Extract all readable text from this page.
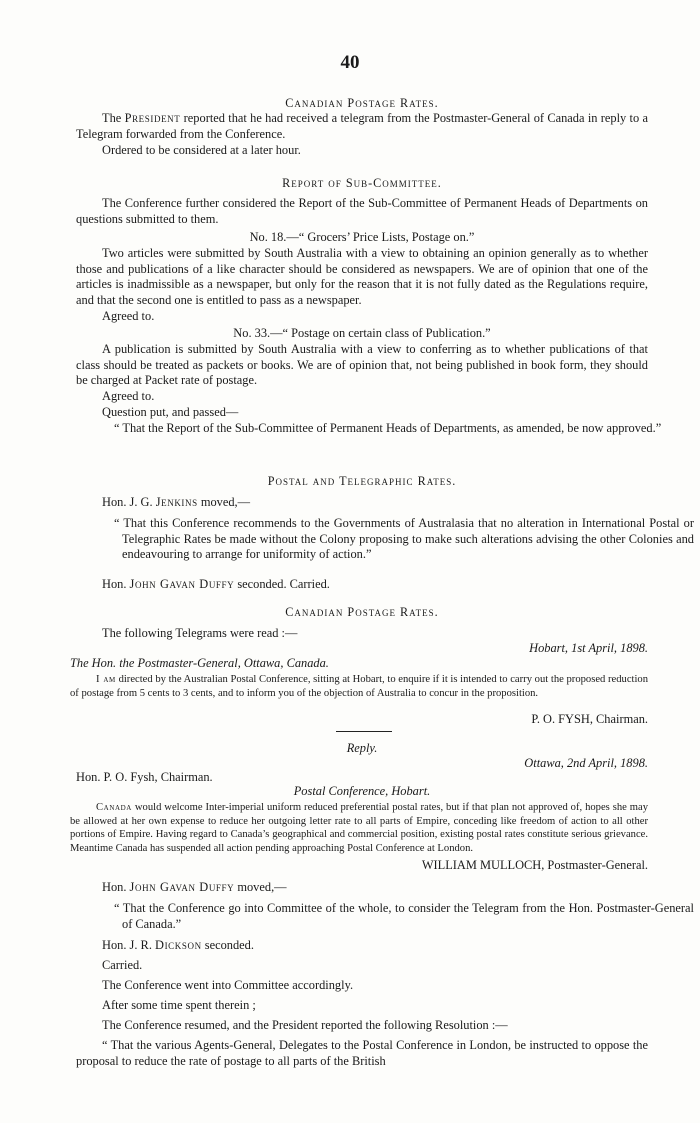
40
Canadian Postage Rates.
The President reported that he had received a telegram from the Postmaster-General of Canada in reply to a Telegram forwarded from the Conference.
Ordered to be considered at a later hour.
Report of Sub-Committee.
The Conference further considered the Report of the Sub-Committee of Permanent Heads of Departments on questions submitted to them.
No. 18.—“ Grocers’ Price Lists, Postage on.”
Two articles were submitted by South Australia with a view to obtaining an opinion generally as to whether those and publications of a like character should be considered as newspapers. We are of opinion that one of the articles is inadmissible as a newspaper, but only for the reason that it is not fully dated as the Regulations require, and that the second one is entitled to pass as a newspaper.
Agreed to.
No. 33.—“ Postage on certain class of Publication.”
A publication is submitted by South Australia with a view to conferring as to whether publications of that class should be treated as packets or books. We are of opinion that, not being published in book form, they should be charged at Packet rate of postage.
Agreed to.
Question put, and passed—
“ That the Report of the Sub-Committee of Permanent Heads of Departments, as amended, be now approved.”
Postal and Telegraphic Rates.
Hon. J. G. Jenkins moved,—
“ That this Conference recommends to the Governments of Australasia that no alteration in International Postal or Telegraphic Rates be made without the Colony proposing to make such alterations advising the other Colonies and endeavouring to arrange for uniformity of action.”
Hon. John Gavan Duffy seconded. Carried.
Canadian Postage Rates.
The following Telegrams were read :—
Hobart, 1st April, 1898.
The Hon. the Postmaster-General, Ottawa, Canada.
I am directed by the Australian Postal Conference, sitting at Hobart, to enquire if it is intended to carry out the proposed reduction of postage from 5 cents to 3 cents, and to inform you of the objection of Australia to concur in the proposition.
P. O. FYSH, Chairman.
Reply.
Ottawa, 2nd April, 1898.
Hon. P. O. Fysh, Chairman.
Postal Conference, Hobart.
Canada would welcome Inter-imperial uniform reduced preferential postal rates, but if that plan not approved of, hopes she may be allowed at her own expense to reduce her outgoing letter rate to all parts of Empire, conceding like freedom of action to all other portions of Empire. Having regard to Canada’s geographical and commercial position, existing postal rates constitute serious grievance. Meantime Canada has suspended all action pending approaching Postal Conference at London.
WILLIAM MULLOCH, Postmaster-General.
Hon. John Gavan Duffy moved,—
“ That the Conference go into Committee of the whole, to consider the Telegram from the Hon. Postmaster-General of Canada.”
Hon. J. R. Dickson seconded.
Carried.
The Conference went into Committee accordingly.
After some time spent therein ;
The Conference resumed, and the President reported the following Resolution :—
“ That the various Agents-General, Delegates to the Postal Conference in London, be instructed to oppose the proposal to reduce the rate of postage to all parts of the British
